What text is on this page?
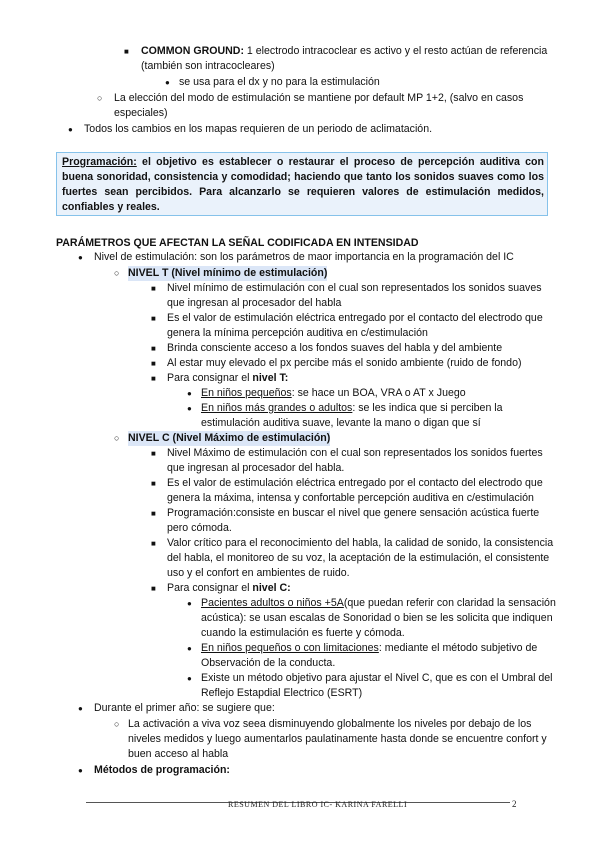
■ COMMON GROUND: 1 electrodo intracoclear es activo y el resto actúan de referencia
(también son intracocleares)
● se usa para el dx y no para la estimulación
○ La elección del modo de estimulación se mantiene por default MP 1+2, (salvo en casos
especiales)
● Todos los cambios en los mapas requieren de un periodo de aclimatación.
Programación: el objetivo es establecer o restaurar el proceso de percepción auditiva con buena sonoridad, consistencia y comodidad; haciendo que tanto los sonidos suaves como los fuertes sean percibidos. Para alcanzarlo se requieren valores de estimulación medidos, confiables y reales.
PARÁMETROS QUE AFECTAN LA SEÑAL CODIFICADA EN INTENSIDAD
● Nivel de estimulación: son los parámetros de maor importancia en la programación del IC
○ NIVEL T (Nivel mínimo de estimulación)
■ Nivel mínimo de estimulación con el cual son representados los sonidos suaves
que ingresan al procesador del habla
■ Es el valor de estimulación eléctrica entregado por el contacto del electrodo que
genera la mínima percepción auditiva en c/estimulación
■ Brinda consciente acceso a los fondos suaves del habla y del ambiente
■ Al estar muy elevado el px percibe más el sonido ambiente (ruido de fondo)
■ Para consignar el nivel T:
● En niños pequeños: se hace un BOA, VRA o AT x Juego
● En niños más grandes o adultos: se les indica que si perciben la
estimulación auditiva suave, levante la mano o digan que sí
○ NIVEL C (Nivel Máximo de estimulación)
■ Nivel Máximo de estimulación con el cual son representados los sonidos fuertes
que ingresan al procesador del habla.
■ Es el valor de estimulación eléctrica entregado por el contacto del electrodo que
genera la máxima, intensa y confortable percepción auditiva en c/estimulación
■ Programación:consiste en buscar el nivel que genere sensación acústica fuerte
pero cómoda.
■ Valor crítico para el reconocimiento del habla, la calidad de sonido, la consistencia
del habla, el monitoreo de su voz, la aceptación de la estimulación, el consistente
uso y el confort en ambientes de ruido.
■ Para consignar el nivel C:
● Pacientes adultos o niños +5A(que puedan referir con claridad la sensación
acústica): se usan escalas de Sonoridad o bien se les solicita que indiquen
cuando la estimulación es fuerte y cómoda.
● En niños pequeños o con limitaciones: mediante el método subjetivo de
Observación de la conducta.
● Existe un método objetivo para ajustar el Nivel C, que es con el Umbral del
Reflejo Estapdial Electrico (ESRT)
● Durante el primer año: se sugiere que:
○ La activación a viva voz seea disminuyendo globalmente los niveles por debajo de los
niveles medidos y luego aumentarlos paulatinamente hasta donde se encuentre confort y
buen acceso al habla
● Métodos de programación:
RESUMEN DEL LIBRO IC- KARINA FARELLI	2
